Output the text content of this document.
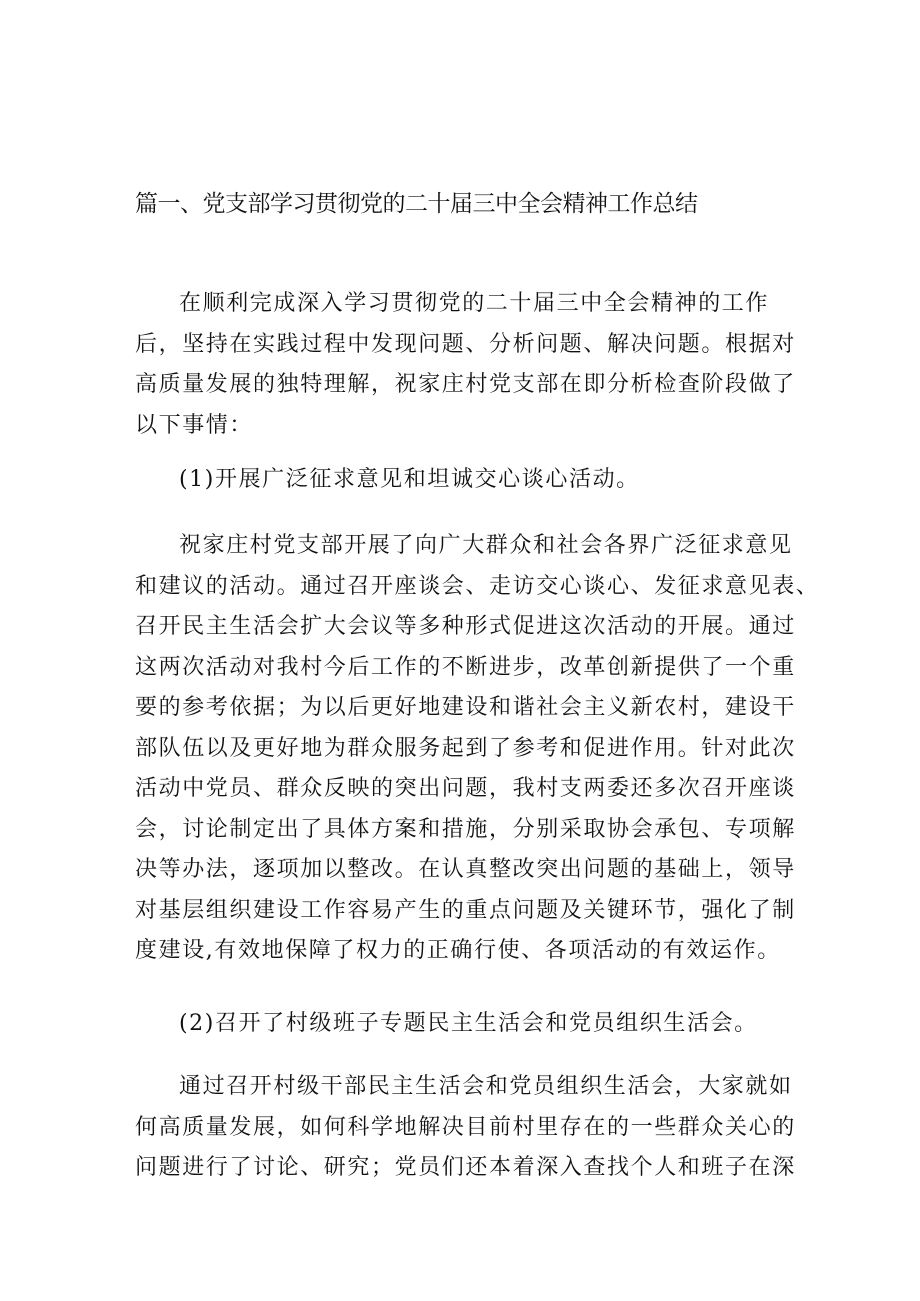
篇一、党支部学习贯彻党的二十届三中全会精神工作总结
在顺利完成深入学习贯彻党的二十届三中全会精神的工作
后，坚持在实践过程中发现问题、分析问题、解决问题。根据对
高质量发展的独特理解，祝家庄村党支部在即分析检查阶段做了
以下事情：
(1)开展广泛征求意见和坦诚交心谈心活动。
祝家庄村党支部开展了向广大群众和社会各界广泛征求意见
和建议的活动。通过召开座谈会、走访交心谈心、发征求意见表、
召开民主生活会扩大会议等多种形式促进这次活动的开展。通过
这两次活动对我村今后工作的不断进步，改革创新提供了一个重
要的参考依据；为以后更好地建设和谐社会主义新农村，建设干
部队伍以及更好地为群众服务起到了参考和促进作用。针对此次
活动中党员、群众反映的突出问题，我村支两委还多次召开座谈
会，讨论制定出了具体方案和措施，分别采取协会承包、专项解
决等办法，逐项加以整改。在认真整改突出问题的基础上，领导
对基层组织建设工作容易产生的重点问题及关键环节，强化了制
度建设,有效地保障了权力的正确行使、各项活动的有效运作。
(2)召开了村级班子专题民主生活会和党员组织生活会。
通过召开村级干部民主生活会和党员组织生活会，大家就如
何高质量发展，如何科学地解决目前村里存在的一些群众关心的
问题进行了讨论、研究；党员们还本着深入查找个人和班子在深
